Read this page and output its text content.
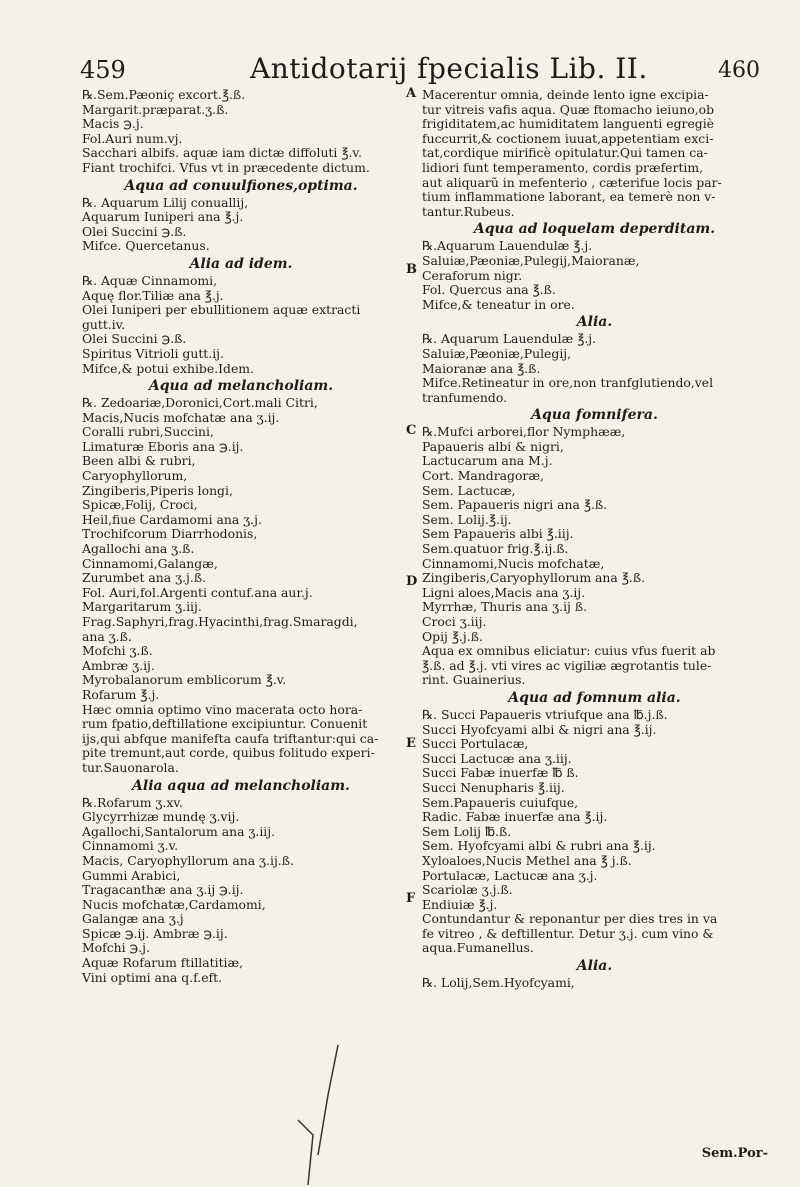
459	Antidotarij fpecialis Lib. II.	460
℞.Sem.Pæoniç excort.℥.ß.
Margarit.præparat.ʒ.ß.
Macis ℈.j.
Fol.Auri num.vj.
Sacchari albifs. aquæ iam dictæ diffoluti ℥.v.
Fiant trochifci. Vfus vt in præcedente dictum.
Aqua ad conuulfiones,optima.
℞. Aquarum Lilij conuallij,
Aquarum Iuniperi ana ℥.j.
Olei Succini ℈.ß.
Mifce. Quercetanus.
Alia ad idem.
℞. Aquæ Cinnamomi,
Aquę flor.Tiliæ ana ℥.j.
Olei Iuniperi per ebullitionem aquæ extracti
gutt.iv.
Olei Succini ℈.ß.
Spiritus Vitrioli gutt.ij.
Mifce,& potui exhibe.Idem.
Aqua ad melancholiam.
℞. Zedoariæ,Doronici,Cort.mali Citri,
Macis,Nucis mofchatæ ana ʒ.ij.
Coralli rubri,Succini,
Limaturæ Eboris ana ℈.ij.
Been albi & rubri,
Caryophyllorum,
Zingiberis,Piperis longi,
Spicæ,Folij, Croci,
Heil,fiue Cardamomi ana ʒ.j.
Trochifcorum Diarrhodonis,
Agallochi ana ʒ.ß.
Cinnamomi,Galangæ,
Zurumbet ana ʒ.j.ß.
Fol. Auri,fol.Argenti contuf.ana aur.j.
Margaritarum ʒ.iij.
Frag.Saphyri,frag.Hyacinthi,frag.Smaragdi,
ana ʒ.ß.
Mofchi ʒ.ß.
Ambræ ʒ.ij.
Myrobalanorum emblicorum ℥.v.
Rofarum ℥.j.
Hæc omnia optimo vino macerata octo hora-
rum fpatio,deftillatione excipiuntur. Conuenit
ijs,qui abfque manifefta caufa triftantur:qui ca-
pite tremunt,aut corde, quibus folitudo experi-
tur.Sauonarola.
Alia aqua ad melancholiam.
℞.Rofarum ʒ.xv.
Glycyrrhizæ mundę ʒ.vij.
Agallochi,Santalorum ana ʒ.iij.
Cinnamomi ʒ.v.
Macis, Caryophyllorum ana ʒ.ij.ß.
Gummi Arabici,
Tragacanthæ ana ʒ.ij ℈.ij.
Nucis mofchatæ,Cardamomi,
Galangæ ana ʒ.j
Spicæ ℈.ij. Ambræ ℈.ij.
Mofchi ℈.j.
Aquæ Rofarum ftillatitiæ,
Vini optimi ana q.f.eft.
Macerentur omnia, deinde lento igne excipia-
tur vitreis vafis aqua. Quæ ftomacho ieiuno,ob
frigiditatem,ac humiditatem languenti egregiè
fuccurrit,& coctionem iuuat,appetentiam exci-
tat,cordique mirificè opitulatur.Qui tamen ca-
lidiori funt temperamento, cordis præfertim,
aut aliquarũ in mefenterio , cæterifue locis par-
tium inflammatione laborant, ea temerè non v-
tantur.Rubeus.
Aqua ad loquelam deperditam.
℞.Aquarum Lauendulæ ℥.j.
Saluiæ,Pæoniæ,Pulegij,Maioranæ,
Ceraforum nigr.
Fol. Quercus ana ℥.ß.
Mifce,& teneatur in ore.
Alia.
℞. Aquarum Lauendulæ ℥.j.
Saluiæ,Pæoniæ,Pulegij,
Maioranæ ana ℥.ß.
Mifce.Retineatur in ore,non tranfglutiendo,vel
tranfumendo.
Aqua fomnifera.
℞.Mufci arborei,flor Nymphææ,
Papaueris albi & nigri,
Lactucarum ana M.j.
Cort. Mandragoræ,
Sem. Lactucæ,
Sem. Papaueris nigri ana ℥.ß.
Sem. Lolij.℥.ij.
Sem Papaueris albi ℥.iij.
Sem.quatuor frig.℥.ij.ß.
Cinnamomi,Nucis mofchatæ,
Zingiberis,Caryophyllorum ana ℥.ß.
Ligni aloes,Macis ana ʒ.ij.
Myrrhæ, Thuris ana ʒ.ij ß.
Croci ʒ.iij.
Opij ℥.j.ß.
Aqua ex omnibus eliciatur: cuius vfus fuerit ab
℥.ß. ad ℥.j. vti vires ac vigiliæ ægrotantis tule-
rint. Guainerius.
Aqua ad fomnum alia.
℞. Succi Papaueris vtriufque ana ℔.j.ß.
Succi Hyofcyami albi & nigri ana ℥.ij.
Succi Portulacæ,
Succi Lactucæ ana ʒ.iij.
Succi Fabæ inuerfæ ℔ ß.
Succi Nenupharis ℥.iij.
Sem.Papaueris cuiufque,
Radic. Fabæ inuerfæ ana ℥.ij.
Sem Lolij ℔.ß.
Sem. Hyofcyami albi & rubri ana ℥.ij.
Xyloaloes,Nucis Methel ana ℥ j.ß.
Portulacæ, Lactucæ ana ʒ.j.
Scariolæ ʒ.j.ß.
Endiuiæ ℥.j.
Contundantur & reponantur per dies tres in va
fe vitreo , & deftillentur. Detur ʒ.j. cum vino &
aqua.Fumanellus.
Alia.
℞. Lolij,Sem.Hyofcyami,
A
B
C
D
E
F
Sem.Por-
